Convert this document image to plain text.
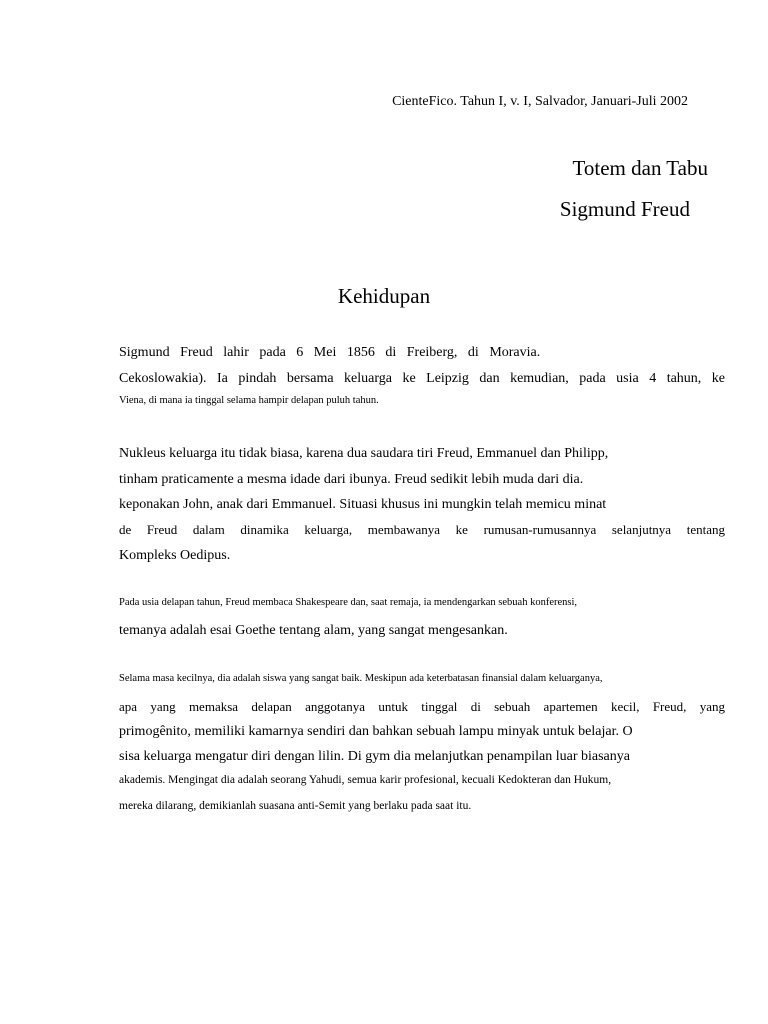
CienteFico. Tahun I, v. I, Salvador, Januari-Juli 2002
Totem dan Tabu
Sigmund Freud
Kehidupan
Sigmund Freud lahir pada 6 Mei 1856 di Freiberg, di Moravia.
Cekoslowakia). Ia pindah bersama keluarga ke Leipzig dan kemudian, pada usia 4 tahun, ke
Viena, di mana ia tinggal selama hampir delapan puluh tahun.
Nukleus keluarga itu tidak biasa, karena dua saudara tiri Freud, Emmanuel dan Philipp,
tinham praticamente a mesma idade dari ibunya. Freud sedikit lebih muda dari dia.
keponakan John, anak dari Emmanuel. Situasi khusus ini mungkin telah memicu minat
de Freud dalam dinamika keluarga, membawanya ke rumusan-rumusannya selanjutnya tentang
Kompleks Oedipus.
Pada usia delapan tahun, Freud membaca Shakespeare dan, saat remaja, ia mendengarkan sebuah konferensi,
temanya adalah esai Goethe tentang alam, yang sangat mengesankan.
Selama masa kecilnya, dia adalah siswa yang sangat baik. Meskipun ada keterbatasan finansial dalam keluarganya,
apa yang memaksa delapan anggotanya untuk tinggal di sebuah apartemen kecil, Freud, yang
primogênito, memiliki kamarnya sendiri dan bahkan sebuah lampu minyak untuk belajar. O
sisa keluarga mengatur diri dengan lilin. Di gym dia melanjutkan penampilan luar biasanya
akademis. Mengingat dia adalah seorang Yahudi, semua karir profesional, kecuali Kedokteran dan Hukum,
mereka dilarang, demikianlah suasana anti-Semit yang berlaku pada saat itu.
